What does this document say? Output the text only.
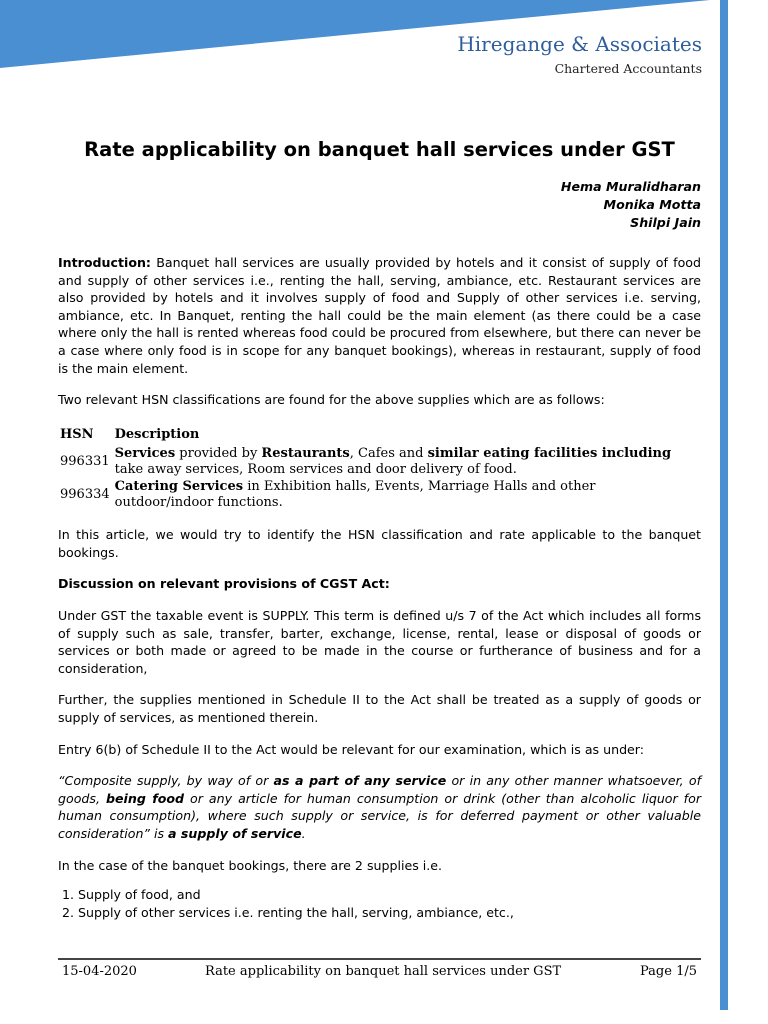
Hiregange & Associates
Chartered Accountants
Rate applicability on banquet hall services under GST
Hema Muralidharan
Monika Motta
Shilpi Jain

Introduction: Banquet hall services are usually provided by hotels and it consist of supply of food and supply of other services i.e., renting the hall, serving, ambiance, etc. Restaurant services are also provided by hotels and it involves supply of food and Supply of other services i.e. serving, ambiance, etc. In Banquet, renting the hall could be the main element (as there could be a case where only the hall is rented whereas food could be procured from elsewhere, but there can never be a case where only food is in scope for any banquet bookings), whereas in restaurant, supply of food is the main element.

Two relevant HSN classifications are found for the above supplies which are as follows:

HSN	Description
996331	Services provided by Restaurants, Cafes and similar eating facilities including take away services, Room services and door delivery of food.
996334	Catering Services in Exhibition halls, Events, Marriage Halls and other outdoor/indoor functions.

In this article, we would try to identify the HSN classification and rate applicable to the banquet bookings.

Discussion on relevant provisions of CGST Act:

Under GST the taxable event is SUPPLY. This term is defined u/s 7 of the Act which includes all forms of supply such as sale, transfer, barter, exchange, license, rental, lease or disposal of goods or services or both made or agreed to be made in the course or furtherance of business and for a consideration,

Further, the supplies mentioned in Schedule II to the Act shall be treated as a supply of goods or supply of services, as mentioned therein.

Entry 6(b) of Schedule II to the Act would be relevant for our examination, which is as under:

“Composite supply, by way of or as a part of any service or in any other manner whatsoever, of goods, being food or any article for human consumption or drink (other than alcoholic liquor for human consumption), where such supply or service, is for deferred payment or other valuable consideration” is a supply of service.

In the case of the banquet bookings, there are 2 supplies i.e.

1. Supply of food, and
2. Supply of other services i.e. renting the hall, serving, ambiance, etc.,
15-04-2020	Rate applicability on banquet hall services under GST	Page 1/5
